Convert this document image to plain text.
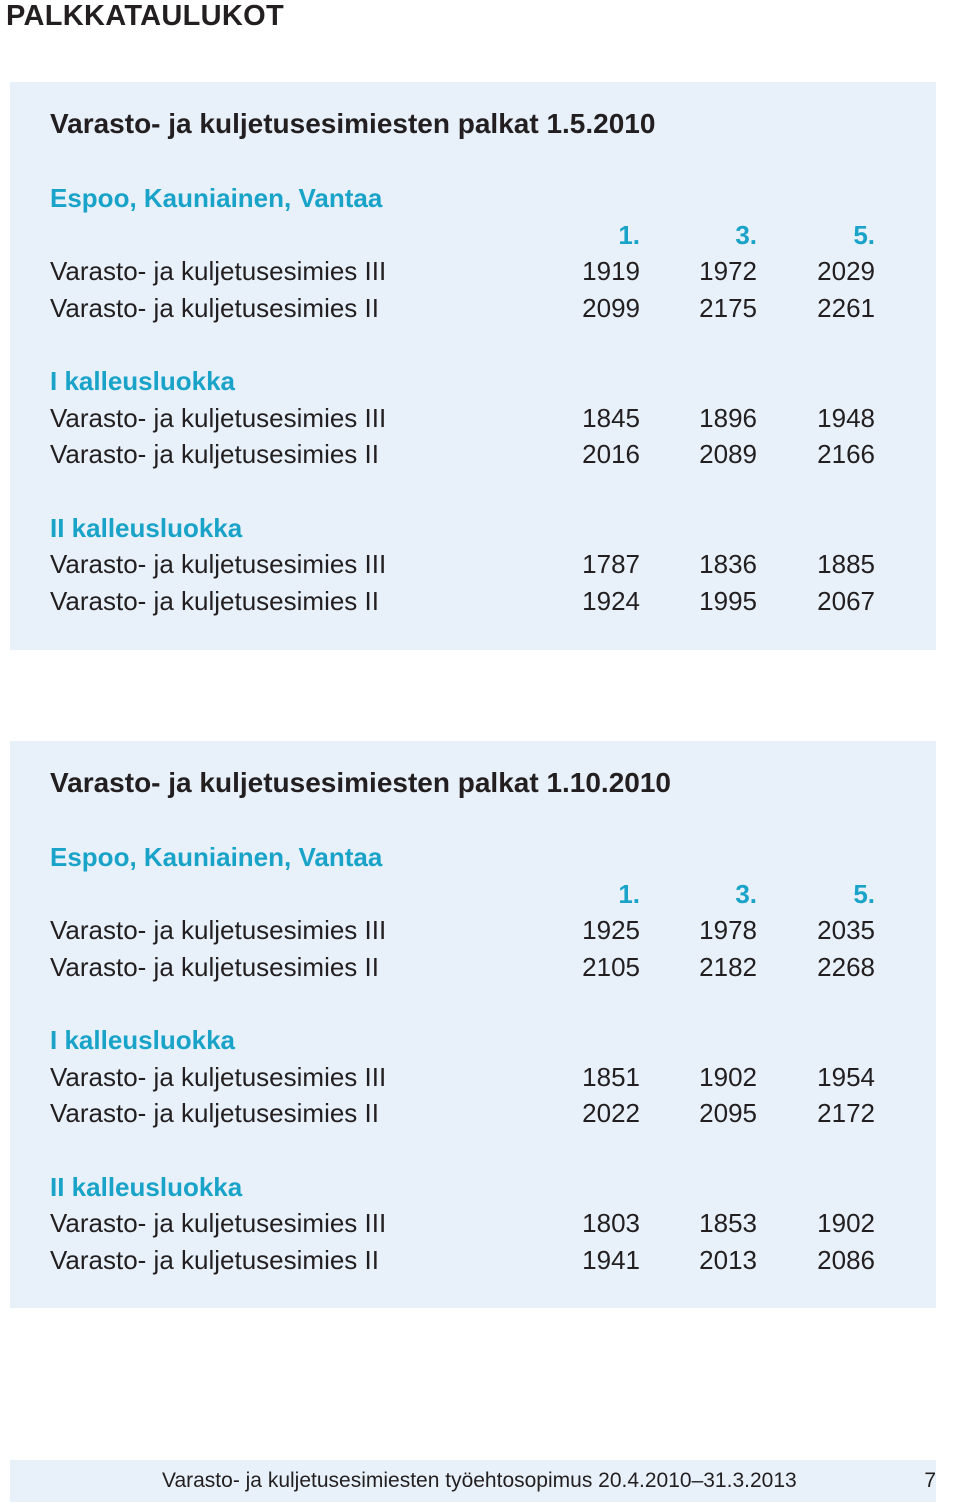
PALKKATAULUKOT
Varasto- ja kuljetusesimiesten palkat 1.5.2010
Espoo, Kauniainen, Vantaa
1.	3.	5.
Varasto- ja kuljetusesimies III	1919	1972	2029
Varasto- ja kuljetusesimies II	2099	2175	2261
I kalleusluokka
Varasto- ja kuljetusesimies III	1845	1896	1948
Varasto- ja kuljetusesimies II	2016	2089	2166
II kalleusluokka
Varasto- ja kuljetusesimies III	1787	1836	1885
Varasto- ja kuljetusesimies II	1924	1995	2067
Varasto- ja kuljetusesimiesten palkat 1.10.2010
Espoo, Kauniainen, Vantaa
1.	3.	5.
Varasto- ja kuljetusesimies III	1925	1978	2035
Varasto- ja kuljetusesimies II	2105	2182	2268
I kalleusluokka
Varasto- ja kuljetusesimies III	1851	1902	1954
Varasto- ja kuljetusesimies II	2022	2095	2172
II kalleusluokka
Varasto- ja kuljetusesimies III	1803	1853	1902
Varasto- ja kuljetusesimies II	1941	2013	2086
Varasto- ja kuljetusesimiesten työehtosopimus 20.4.2010–31.3.2013	7
